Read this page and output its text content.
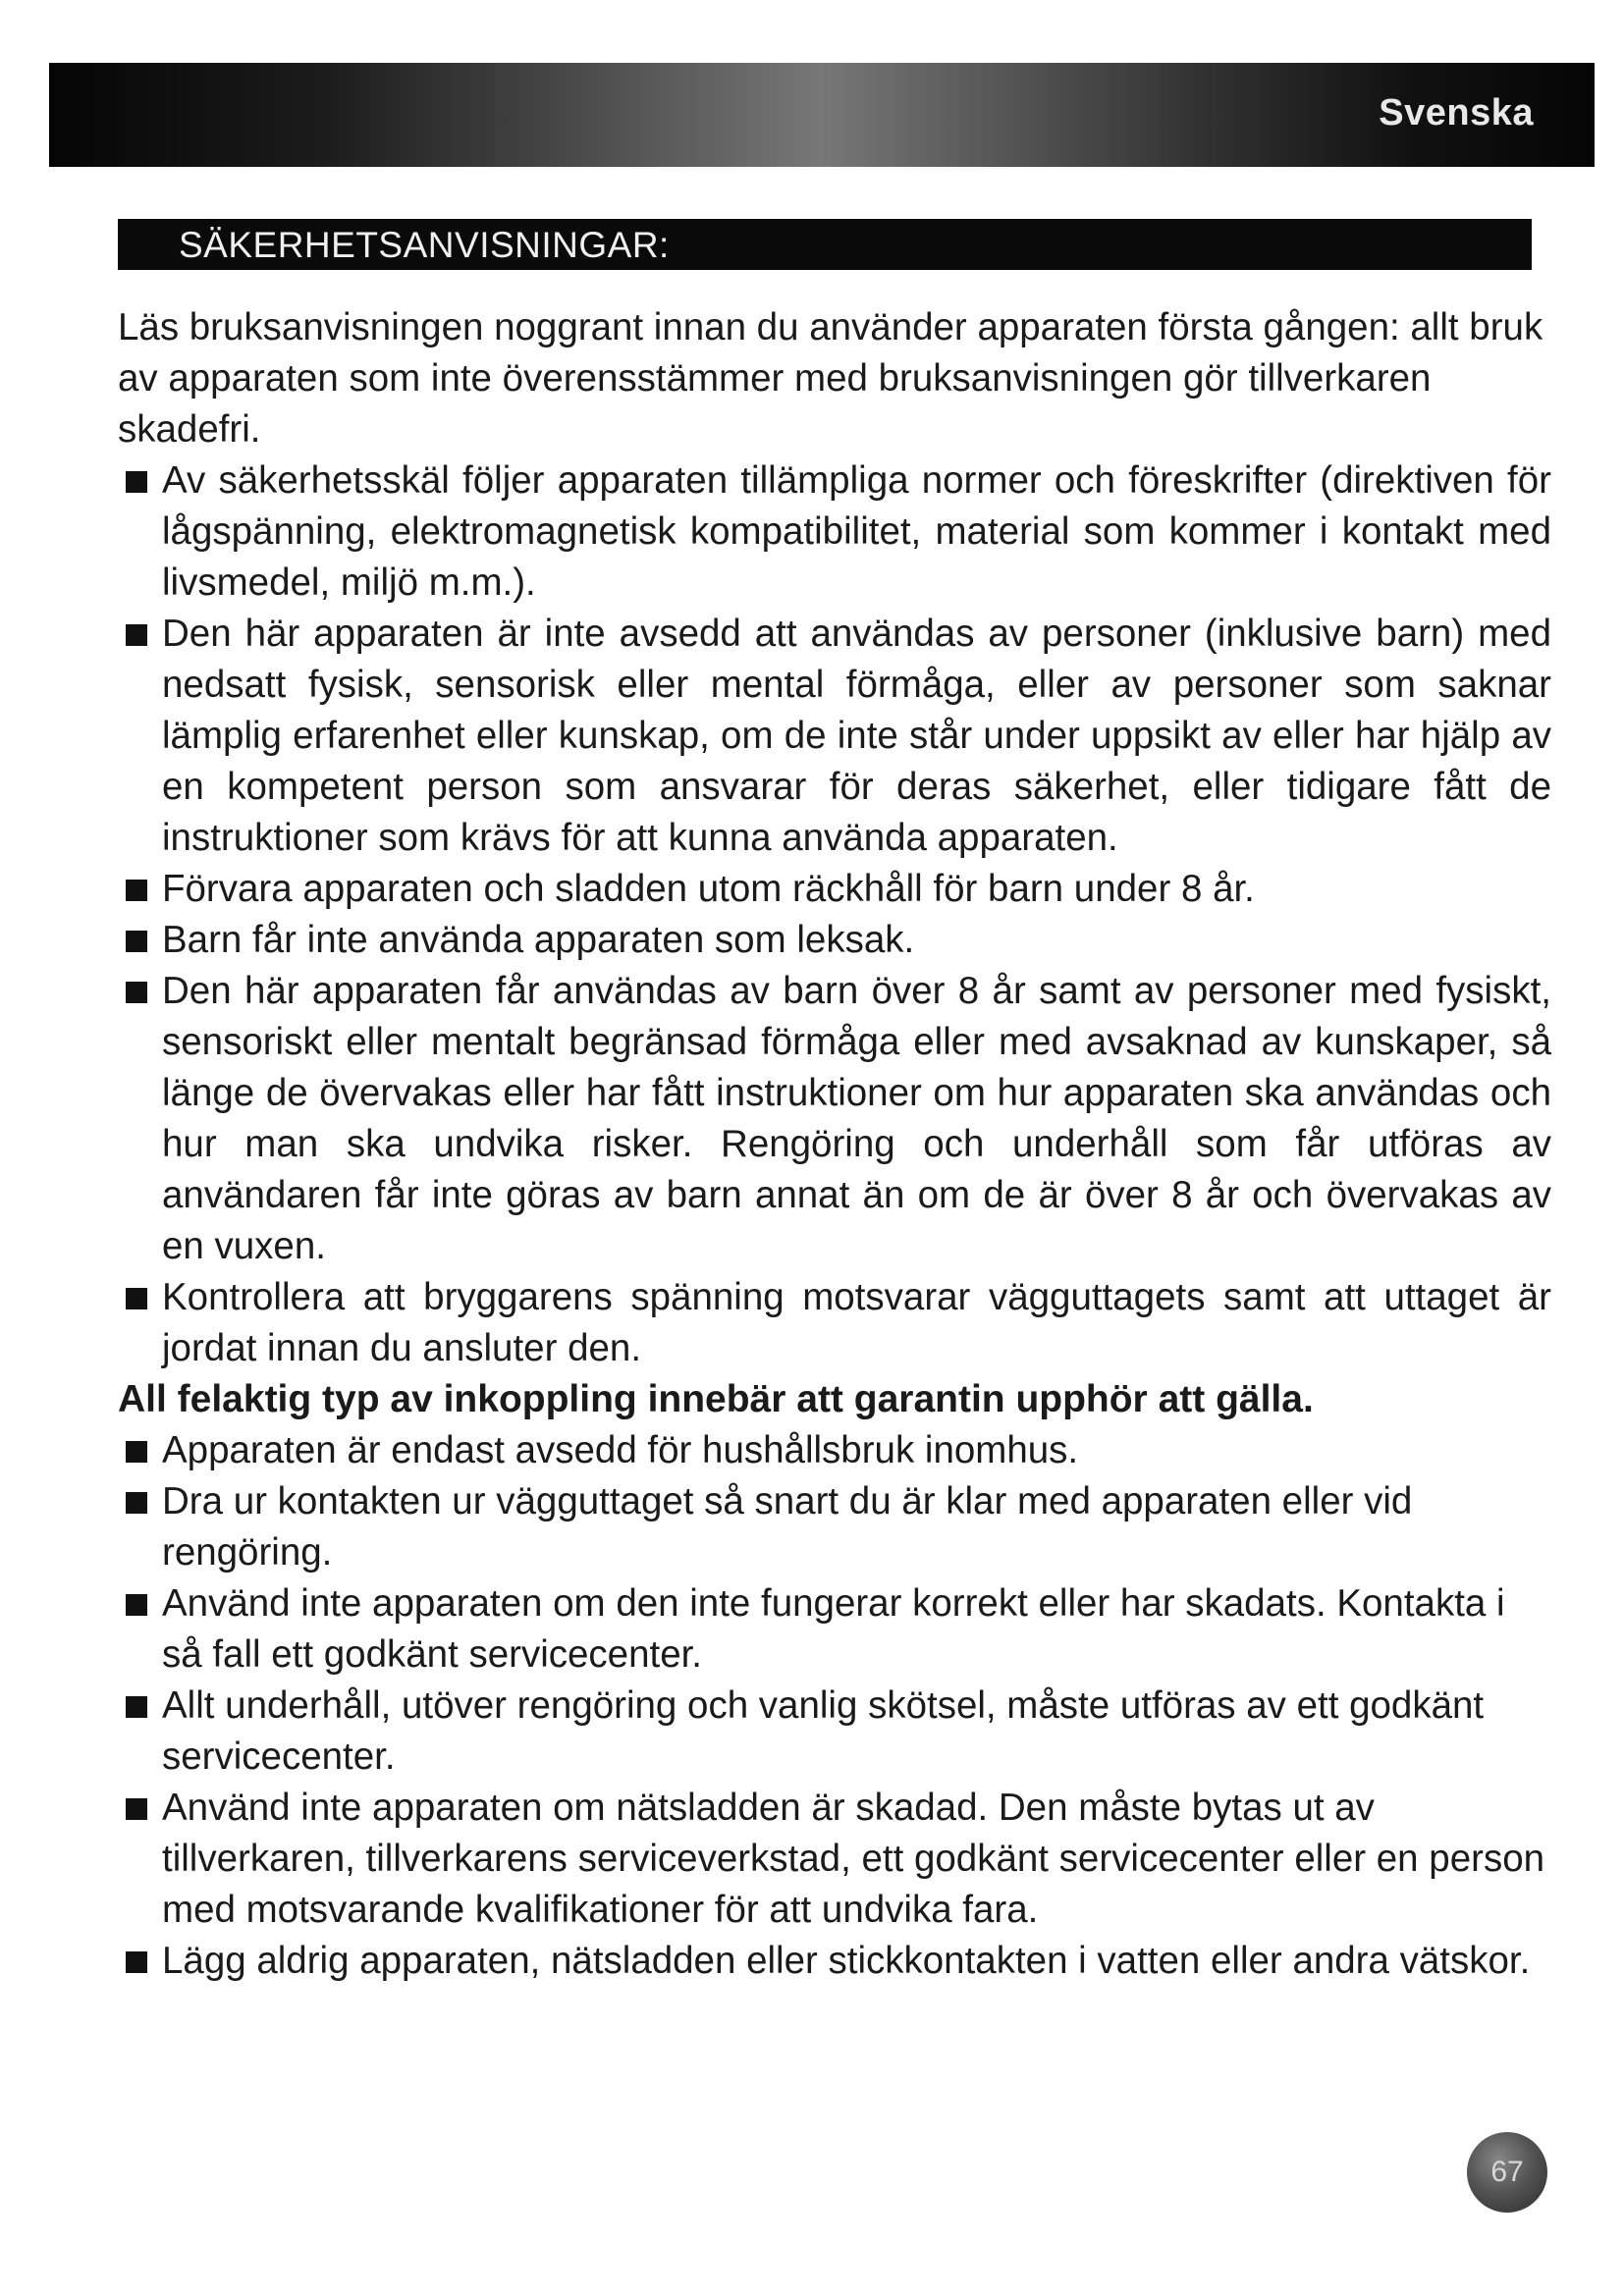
Svenska
SÄKERHETSANVISNINGAR:

Läs bruksanvisningen noggrant innan du använder apparaten första gången: allt bruk av apparaten som inte överensstämmer med bruksanvisningen gör tillverkaren skadefri.

Av säkerhetsskäl följer apparaten tillämpliga normer och föreskrifter (direktiven för lågspänning, elektromagnetisk kompatibilitet, material som kommer i kontakt med livsmedel, miljö m.m.).
Den här apparaten är inte avsedd att användas av personer (inklusive barn) med nedsatt fysisk, sensorisk eller mental förmåga, eller av personer som saknar lämplig erfarenhet eller kunskap, om de inte står under uppsikt av eller har hjälp av en kompetent person som ansvarar för deras säkerhet, eller tidigare fått de instruktioner som krävs för att kunna använda apparaten.
Förvara apparaten och sladden utom räckhåll för barn under 8 år.
Barn får inte använda apparaten som leksak.
Den här apparaten får användas av barn över 8 år samt av personer med fysiskt, sensoriskt eller mentalt begränsad förmåga eller med avsaknad av kunskaper, så länge de övervakas eller har fått instruktioner om hur apparaten ska användas och hur man ska undvika risker. Rengöring och underhåll som får utföras av användaren får inte göras av barn annat än om de är över 8 år och övervakas av en vuxen.
Kontrollera att bryggarens spänning motsvarar vägguttagets samt att uttaget är jordat innan du ansluter den.

All felaktig typ av inkoppling innebär att garantin upphör att gälla.

Apparaten är endast avsedd för hushållsbruk inomhus.
Dra ur kontakten ur vägguttaget så snart du är klar med apparaten eller vid rengöring.
Använd inte apparaten om den inte fungerar korrekt eller har skadats. Kontakta i så fall ett godkänt servicecenter.
Allt underhåll, utöver rengöring och vanlig skötsel, måste utföras av ett godkänt servicecenter.
Använd inte apparaten om nätsladden är skadad. Den måste bytas ut av tillverkaren, tillverkarens serviceverkstad, ett godkänt servicecenter eller en person med motsvarande kvalifikationer för att undvika fara.
Lägg aldrig apparaten, nätsladden eller stickkontakten i vatten eller andra vätskor.
67
